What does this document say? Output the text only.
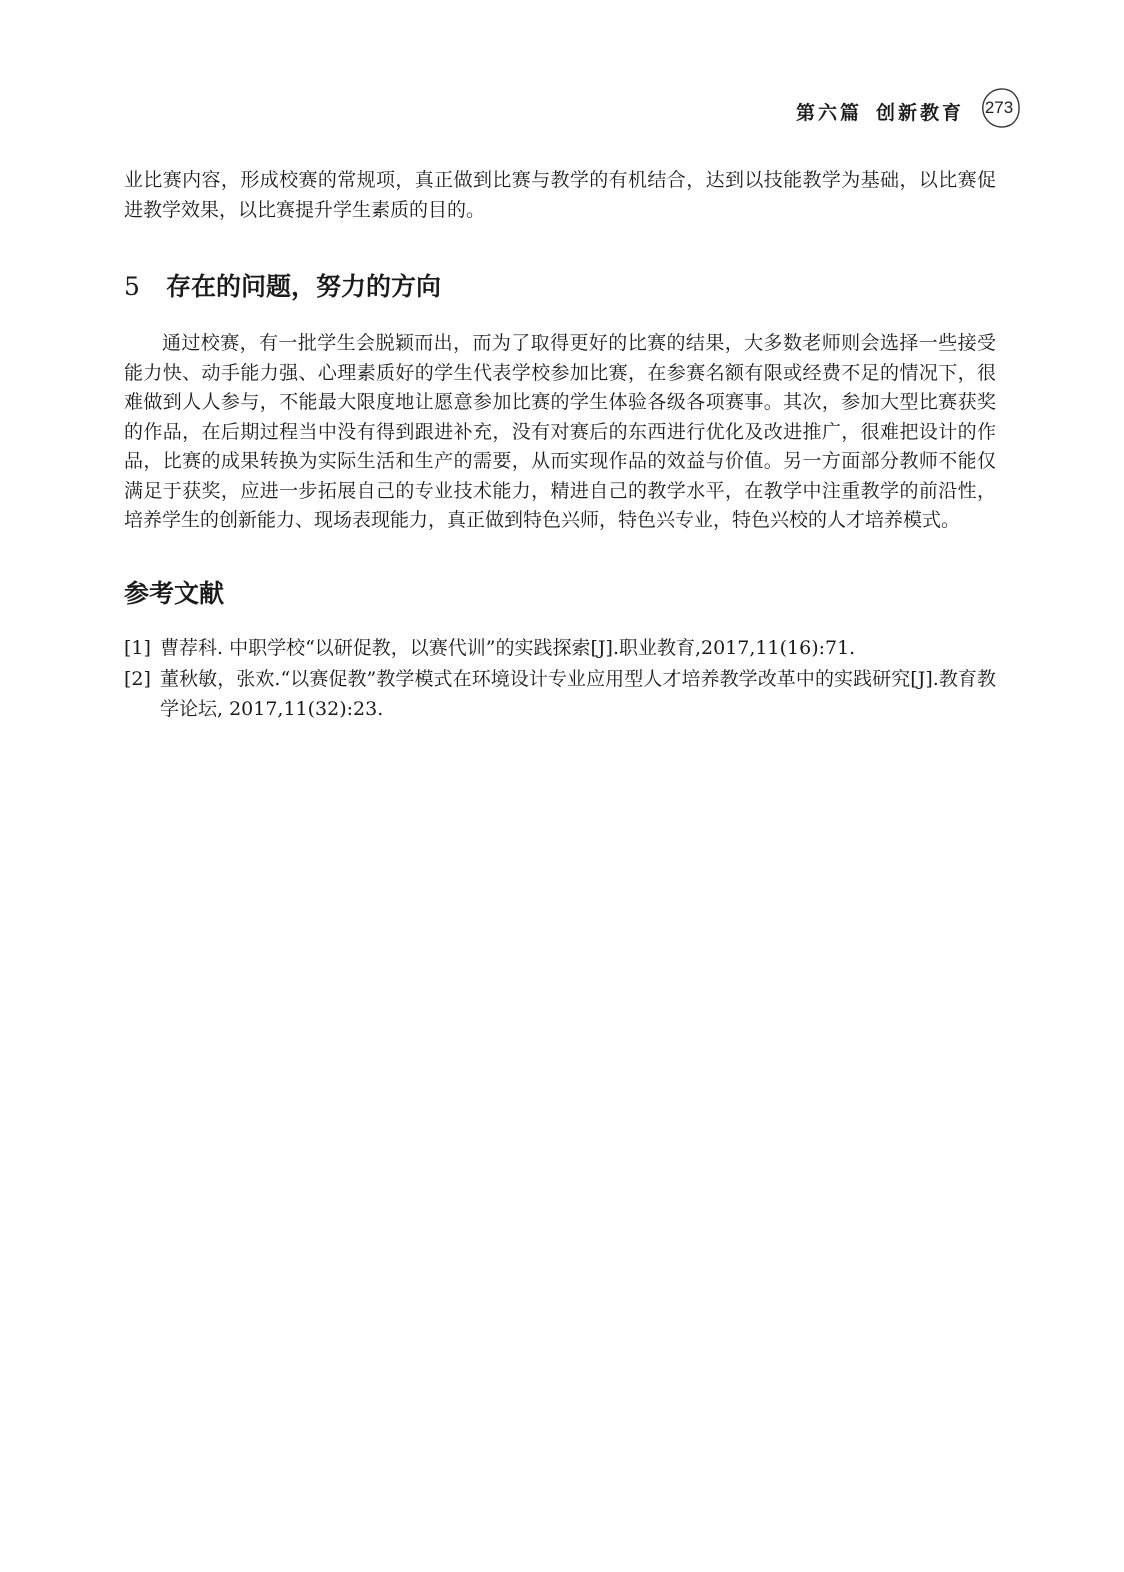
第六篇 创新教育	273

业比赛内容，形成校赛的常规项，真正做到比赛与教学的有机结合，达到以技能教学为基础，以比赛促进教学效果，以比赛提升学生素质的目的。

5 存在的问题，努力的方向

通过校赛，有一批学生会脱颖而出，而为了取得更好的比赛的结果，大多数老师则会选择一些接受能力快、动手能力强、心理素质好的学生代表学校参加比赛，在参赛名额有限或经费不足的情况下，很难做到人人参与，不能最大限度地让愿意参加比赛的学生体验各级各项赛事。其次，参加大型比赛获奖的作品，在后期过程当中没有得到跟进补充，没有对赛后的东西进行优化及改进推广，很难把设计的作品，比赛的成果转换为实际生活和生产的需要，从而实现作品的效益与价值。另一方面部分教师不能仅满足于获奖，应进一步拓展自己的专业技术能力，精进自己的教学水平，在教学中注重教学的前沿性，培养学生的创新能力、现场表现能力，真正做到特色兴师，特色兴专业，特色兴校的人才培养模式。

参考文献
[1] 曹荐科. 中职学校“以研促教，以赛代训”的实践探索[J].职业教育,2017,11(16):71.
[2] 董秋敏，张欢.“以赛促教”教学模式在环境设计专业应用型人才培养教学改革中的实践研究[J].教育教学论坛, 2017,11(32):23.
